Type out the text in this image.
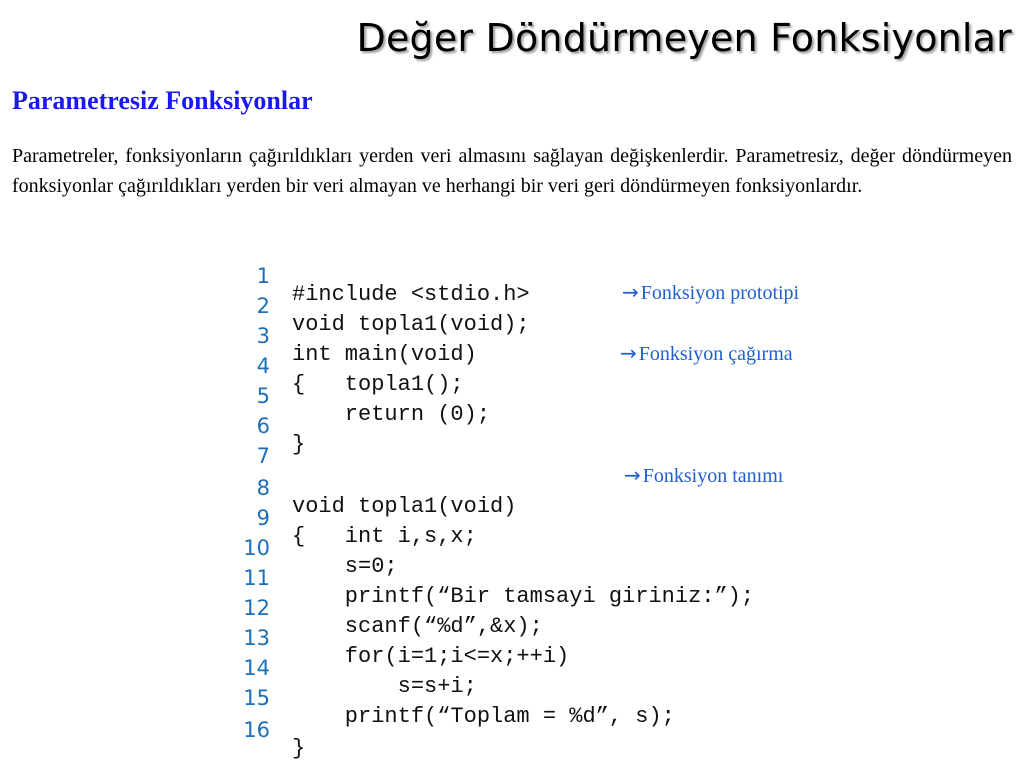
Değer Döndürmeyen Fonksiyonlar
Parametresiz Fonksiyonlar

Parametreler, fonksiyonların çağırıldıkları yerden veri almasını sağlayan değişkenlerdir. Parametresiz, değer döndürmeyen fonksiyonlar çağırıldıkları yerden bir veri almayan ve herhangi bir veri geri döndürmeyen fonksiyonlardır.

1

#include <stdio.h>

2

void topla1(void);

3

int main(void)

4

{   topla1();

5

return (0);

6

}

7

8

void topla1(void)

9

{   int i,s,x;

10

s=0;

11

printf(“Bir tamsayi giriniz:”);

12

scanf(“%d”,&x);

13

for(i=1;i<=x;++i)

14

s=s+i;

15

printf(“Toplam = %d”, s);

16

}

→ Fonksiyon prototipi
→ Fonksiyon çağırma
→ Fonksiyon tanımı
